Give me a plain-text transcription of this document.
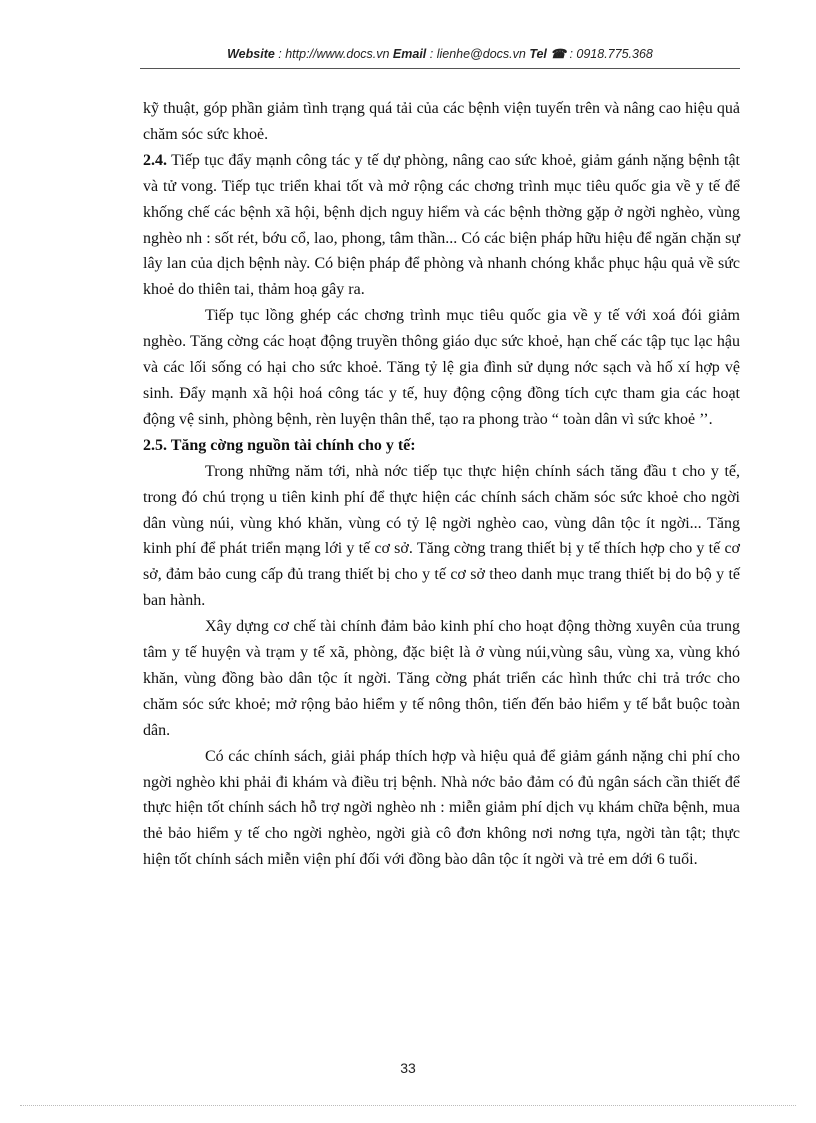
Website : http://www.docs.vn Email : lienhe@docs.vn Tel ☎ : 0918.775.368

kỹ thuật, góp phần giảm tình trạng quá tải của các bệnh viện tuyến trên và nâng cao hiệu quả chăm sóc sức khoẻ.

2.4. Tiếp tục đẩy mạnh công tác y tế dự phòng, nâng cao sức khoẻ, giảm gánh nặng bệnh tật và tử vong. Tiếp tục triển khai tốt và mở rộng các chơng trình mục tiêu quốc gia về y tế để khống chế các bệnh xã hội, bệnh dịch nguy hiểm và các bệnh thờng gặp ở ngời nghèo, vùng nghèo nh : sốt rét, bớu cổ, lao, phong, tâm thần... Có các biện pháp hữu hiệu để ngăn chặn sự lây lan của dịch bệnh này. Có biện pháp để phòng và nhanh chóng khắc phục hậu quả về sức khoẻ do thiên tai, thảm hoạ gây ra.

Tiếp tục lồng ghép các chơng trình mục tiêu quốc gia về y tế với xoá đói giảm nghèo. Tăng cờng các hoạt động truyền thông giáo dục sức khoẻ, hạn chế các tập tục lạc hậu và các lối sống có hại cho sức khoẻ. Tăng tỷ lệ gia đình sử dụng nớc sạch và hố xí hợp vệ sinh. Đẩy mạnh xã hội hoá công tác y tế, huy động cộng đồng tích cực tham gia các hoạt động vệ sinh, phòng bệnh, rèn luyện thân thể, tạo ra phong trào “ toàn dân vì sức khoẻ ’’.

2.5. Tăng cờng nguồn tài chính cho y tế:

Trong những năm tới, nhà nớc tiếp tục thực hiện chính sách tăng đầu t cho y tế, trong đó chú trọng u tiên kinh phí để thực hiện các chính sách chăm sóc sức khoẻ cho ngời dân vùng núi, vùng khó khăn, vùng có tỷ lệ ngời nghèo cao, vùng dân tộc ít ngời... Tăng kinh phí để phát triển mạng lới y tế cơ sở. Tăng cờng trang thiết bị y tế thích hợp cho y tế cơ sở, đảm bảo cung cấp đủ trang thiết bị cho y tế cơ sở theo danh mục trang thiết bị do bộ y tế ban hành.

Xây dựng cơ chế tài chính đảm bảo kinh phí cho hoạt động thờng xuyên của trung tâm y tế huyện và trạm y tế xã, phòng, đặc biệt là ở vùng núi,vùng sâu, vùng xa, vùng khó khăn, vùng đồng bào dân tộc ít ngời. Tăng cờng phát triển các hình thức chi trả trớc cho chăm sóc sức khoẻ; mở rộng bảo hiểm y tế nông thôn, tiến đến bảo hiểm y tế bắt buộc toàn dân.

Có các chính sách, giải pháp thích hợp và hiệu quả để giảm gánh nặng chi phí cho ngời nghèo khi phải đi khám và điều trị bệnh. Nhà nớc bảo đảm có đủ ngân sách cần thiết để thực hiện tốt chính sách hỗ trợ ngời nghèo nh : miễn giảm phí dịch vụ khám chữa bệnh, mua thẻ bảo hiểm y tế cho ngời nghèo, ngời già cô đơn không nơi nơng tựa, ngời tàn tật; thực hiện tốt chính sách miễn viện phí đối với đồng bào dân tộc ít ngời và trẻ em dới 6 tuổi.

33
